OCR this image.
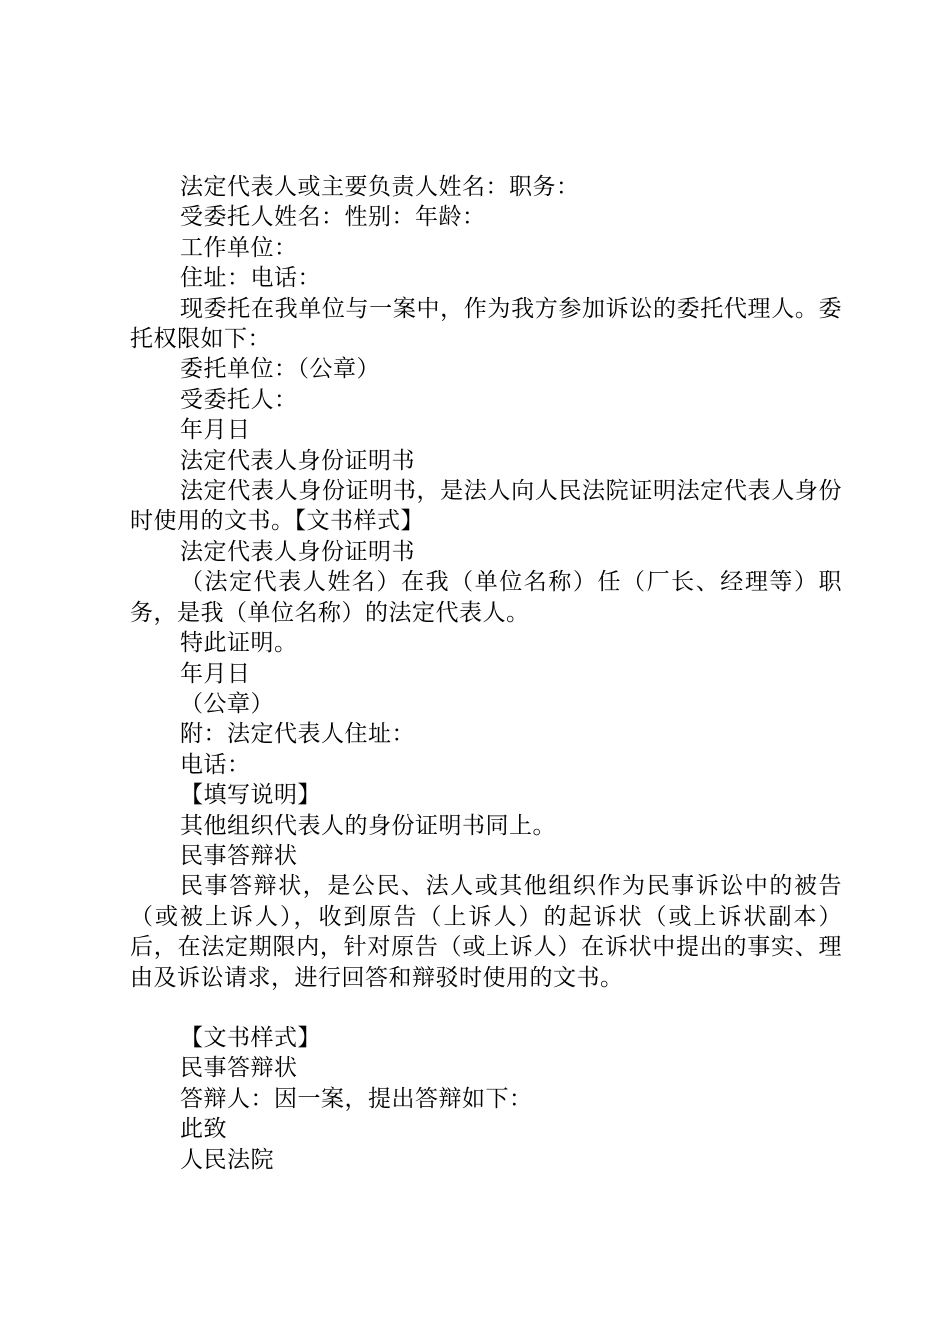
法定代表人或主要负责人姓名：职务：

受委托人姓名：性别：年龄：

工作单位：

住址：电话：

现委托在我单位与一案中，作为我方参加诉讼的委托代理人。委托权限如下：

委托单位：（公章）

受委托人：

年月日

法定代表人身份证明书

法定代表人身份证明书，是法人向人民法院证明法定代表人身份时使用的文书。【文书样式】

法定代表人身份证明书

（法定代表人姓名）在我（单位名称）任（厂长、经理等）职务，是我（单位名称）的法定代表人。

特此证明。

年月日

（公章）

附：法定代表人住址：

电话：

【填写说明】

其他组织代表人的身份证明书同上。

民事答辩状

民事答辩状，是公民、法人或其他组织作为民事诉讼中的被告（或被上诉人），收到原告（上诉人）的起诉状（或上诉状副本）后，在法定期限内，针对原告（或上诉人）在诉状中提出的事实、理由及诉讼请求，进行回答和辩驳时使用的文书。

【文书样式】

民事答辩状

答辩人：因一案，提出答辩如下：

此致

人民法院
